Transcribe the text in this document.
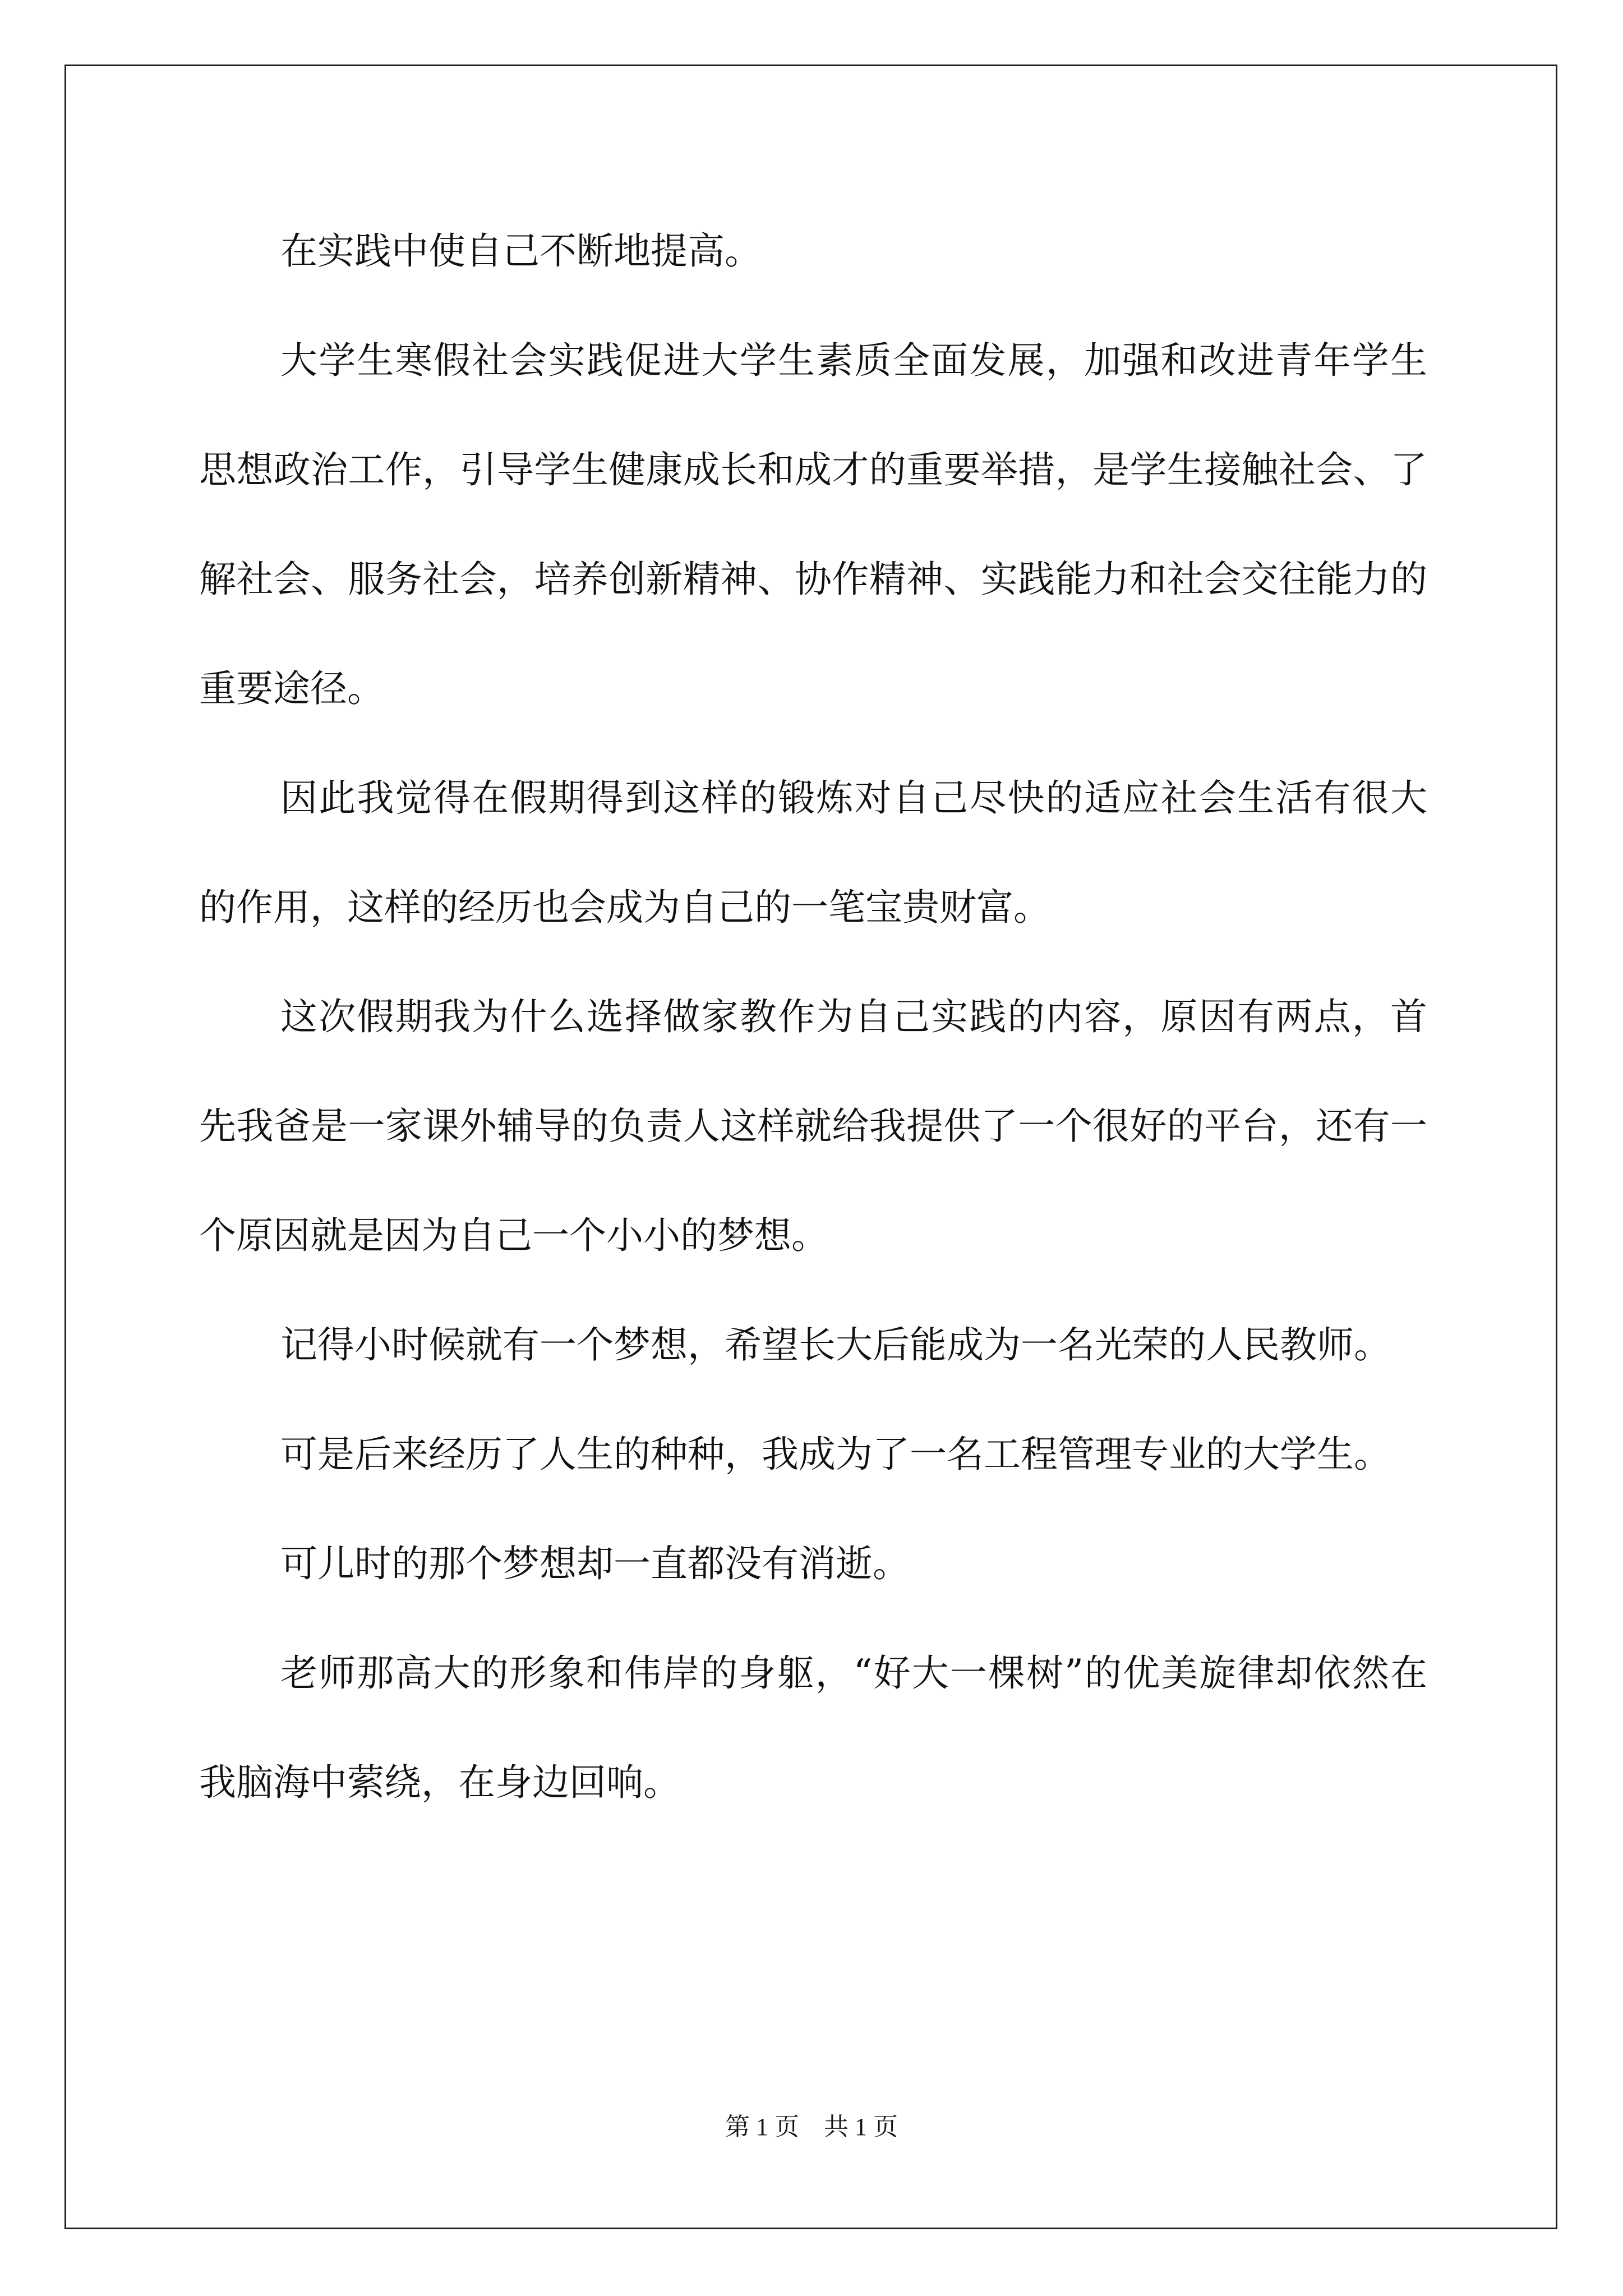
在实践中使自己不断地提高。

大学生寒假社会实践促进大学生素质全面发展，加强和改进青年学生思想政治工作，引导学生健康成长和成才的重要举措，是学生接触社会、了解社会、服务社会，培养创新精神、协作精神、实践能力和社会交往能力的重要途径。

因此我觉得在假期得到这样的锻炼对自己尽快的适应社会生活有很大的作用，这样的经历也会成为自己的一笔宝贵财富。

这次假期我为什么选择做家教作为自己实践的内容，原因有两点，首先我爸是一家课外辅导的负责人这样就给我提供了一个很好的平台，还有一个原因就是因为自己一个小小的梦想。

记得小时候就有一个梦想，希望长大后能成为一名光荣的人民教师。

可是后来经历了人生的种种，我成为了一名工程管理专业的大学生。

可儿时的那个梦想却一直都没有消逝。

老师那高大的形象和伟岸的身躯，“好大一棵树”的优美旋律却依然在我脑海中萦绕，在身边回响。

第 1 页    共 1 页
